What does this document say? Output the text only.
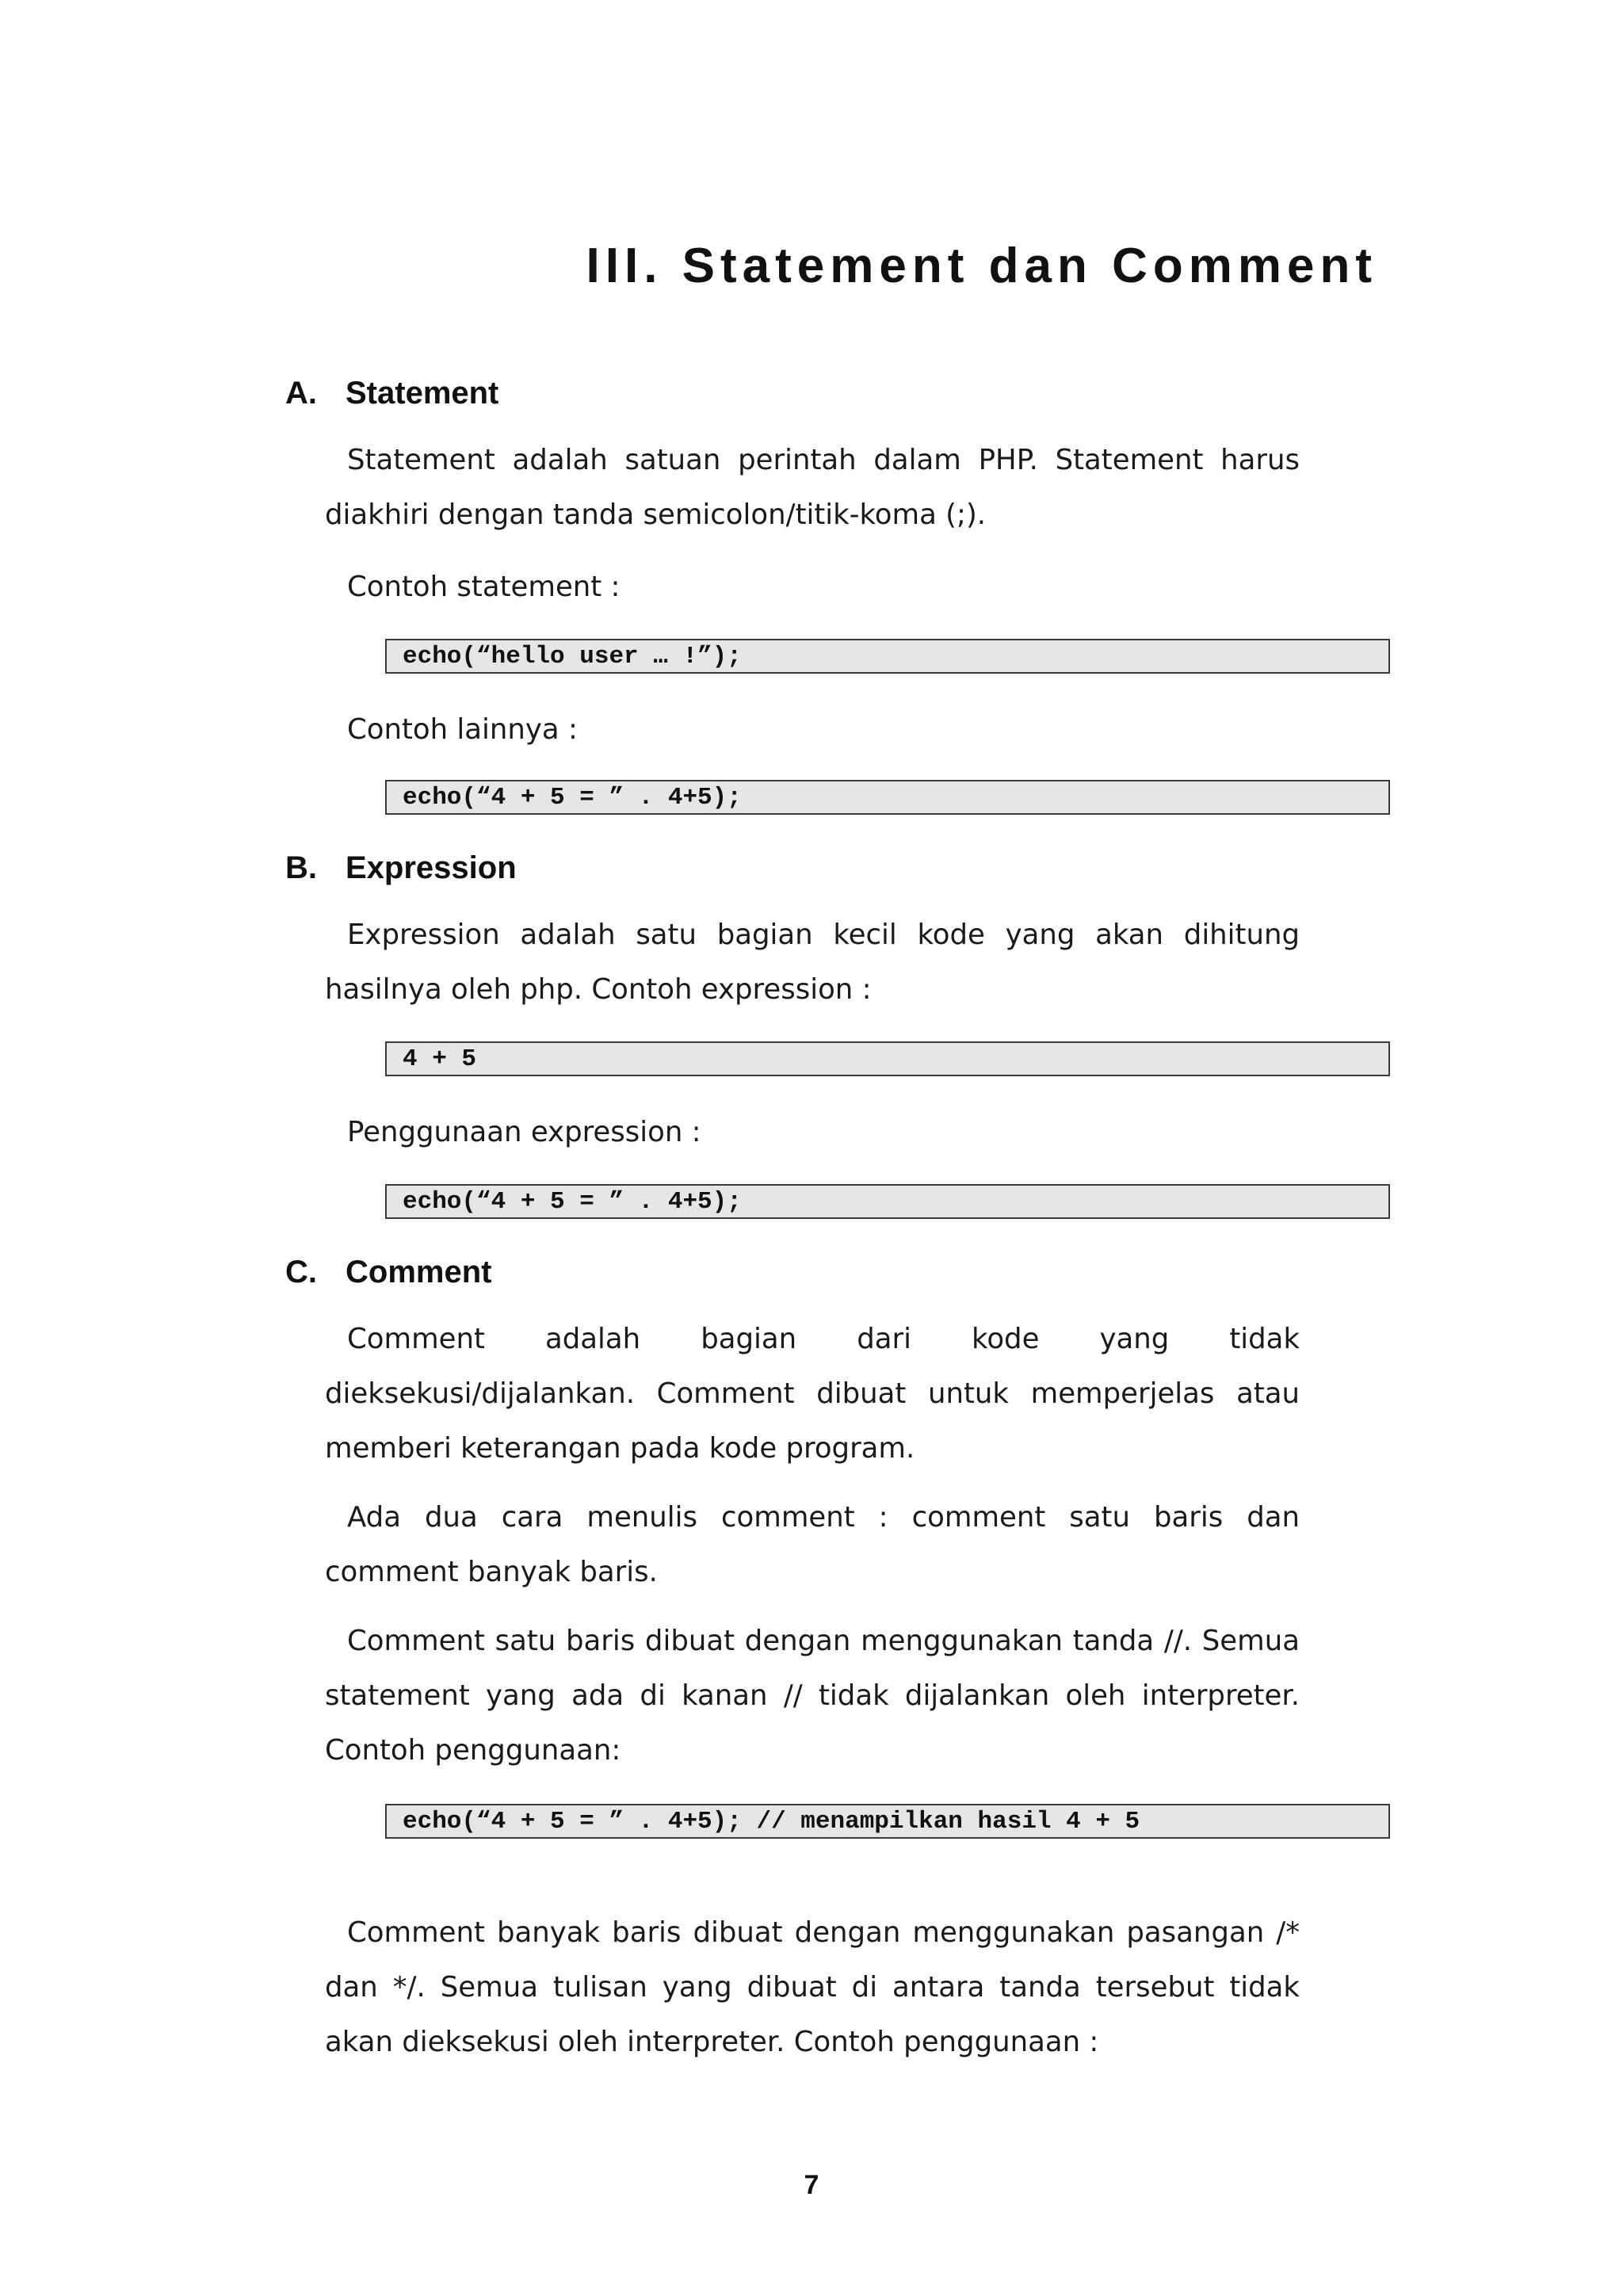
III. Statement dan Comment
A. Statement

Statement adalah satuan perintah dalam PHP. Statement harus diakhiri dengan tanda semicolon/titik-koma (;).

Contoh statement :

echo(“hello user … !”);

Contoh lainnya :

echo(“4 + 5 = ” . 4+5);
B. Expression

Expression adalah satu bagian kecil kode yang akan dihitung hasilnya oleh php. Contoh expression :

4 + 5

Penggunaan expression :

echo(“4 + 5 = ” . 4+5);
C. Comment

Comment adalah bagian dari kode yang tidak dieksekusi/dijalankan. Comment dibuat untuk memperjelas atau memberi keterangan pada kode program.

Ada dua cara menulis comment : comment satu baris dan comment banyak baris.

Comment satu baris dibuat dengan menggunakan tanda //. Semua statement yang ada di kanan // tidak dijalankan oleh interpreter. Contoh penggunaan:

echo(“4 + 5 = ” . 4+5); // menampilkan hasil 4 + 5

Comment banyak baris dibuat dengan menggunakan pasangan /* dan */. Semua tulisan yang dibuat di antara tanda tersebut tidak akan dieksekusi oleh interpreter. Contoh penggunaan :

7
